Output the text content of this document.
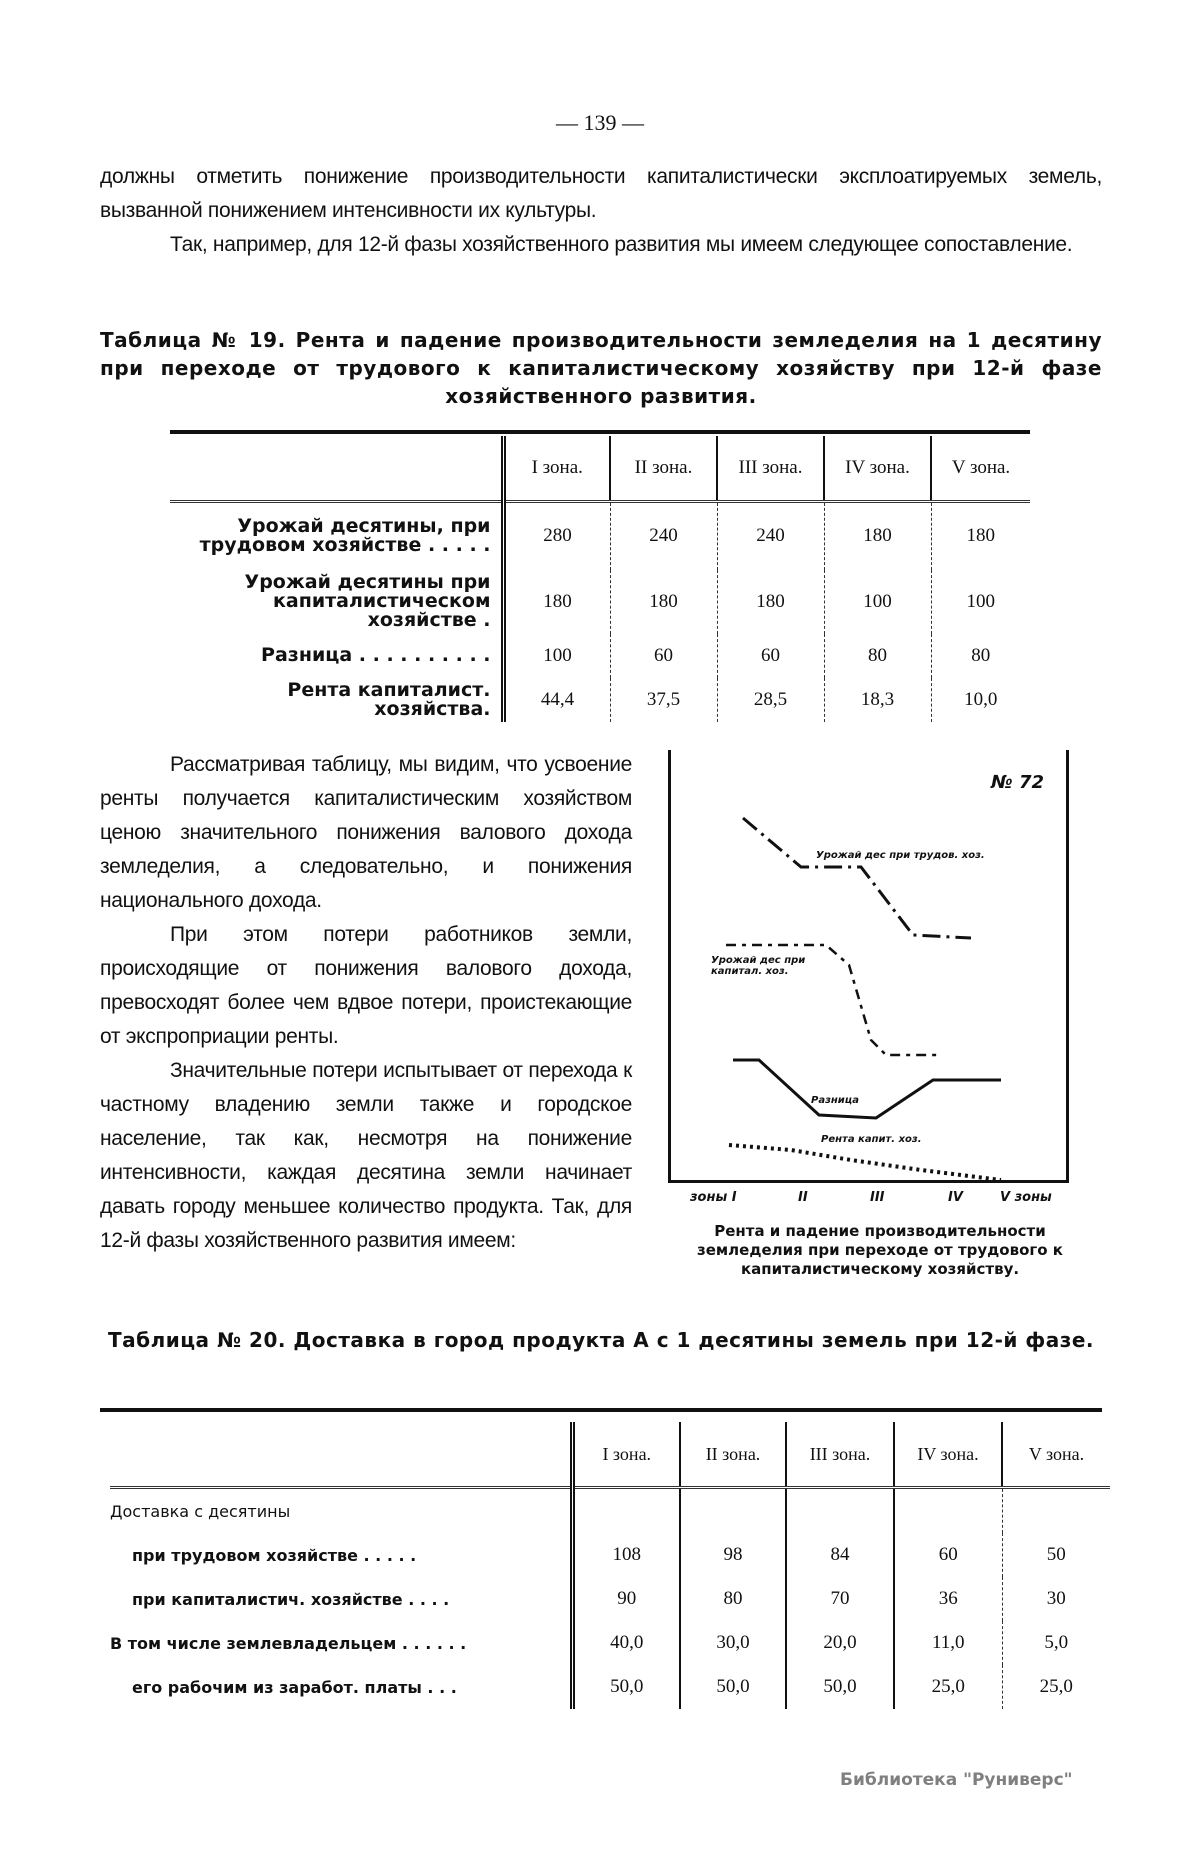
— 139 —
должны отметить понижение производительности капиталистически эксплоатируемых земель, вызванной понижением интенсивности их культуры.
Так, например, для 12-й фазы хозяйственного развития мы имеем следующее сопоставление.
Таблица № 19. Рента и падение производительности земледелия на 1 десятину при переходе от трудового к капиталистическому хозяйству при 12-й фазе хозяйственного развития.
	I зона.	II зона.	III зона.	IV зона.	V зона.
Урожай десятины, при трудовом хозяйстве . . . . .	280	240	240	180	180
Урожай десятины при капиталистическом хозяйстве .	180	180	180	100	100
Разница . . . . . . . . . .	100	60	60	80	80
Рента капиталист. хозяйства.	44,4	37,5	28,5	18,3	10,0
Рассматривая таблицу, мы видим, что усвоение ренты получается капиталистическим хозяйством ценою значительного понижения валового дохода земледелия, а следовательно, и понижения национального дохода.
При этом потери работников земли, происходящие от понижения валового дохода, превосходят более чем вдвое потери, проистекающие от экспроприации ренты.
Значительные потери испытывает от перехода к частному владению земли также и городское население, так как, несмотря на понижение интенсивности, каждая десятина земли начинает давать городу меньшее количество продукта. Так, для 12-й фазы хозяйственного развития имеем:
№ 72
Урожай дес при трудов. хоз.
Урожай дес при капитал. хоз.
Разница
Рента капит. хоз.
зоны I	II	III	IV	V зоны
Рента и падение производительности земледелия при переходе от трудового к капиталистическому хозяйству.
Таблица № 20. Доставка в город продукта А с 1 десятины земель при 12-й фазе.
	I зона.	II зона.	III зона.	IV зона.	V зона.
Доставка с десятины					
при трудовом хозяйстве . . . . .	108	98	84	60	50
при капиталистич. хозяйстве . . . .	90	80	70	36	30
В том числе землевладельцем . . . . . .	40,0	30,0	20,0	11,0	5,0
его рабочим из заработ. платы . . .	50,0	50,0	50,0	25,0	25,0
Библиотека "Руниверс"
